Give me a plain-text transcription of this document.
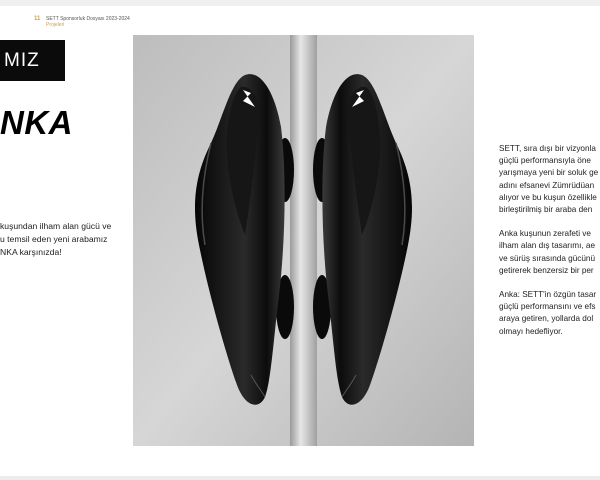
11 SETT Sponsorluk Dosyası 2023-2024
Projeleri
MIZ
NKA
kuşundan ilham alan gücü ve
u temsil eden yeni arabamız
NKA karşınızda!

SETT, sıra dışı bir vizyonla
güçlü performansıyla öne
yarışmaya yeni bir soluk ge
adını efsanevi Zümrüdüan
alıyor ve bu kuşun özellikle
birleştirilmiş bir araba den

Anka kuşunun zerafeti ve
ilham alan dış tasarımı, ae
ve sürüş sırasında gücünü
getirerek benzersiz bir per

Anka: SETT'in özgün tasar
güçlü performansını ve efs
araya getiren, yollarda dol
olmayı hedefliyor.
